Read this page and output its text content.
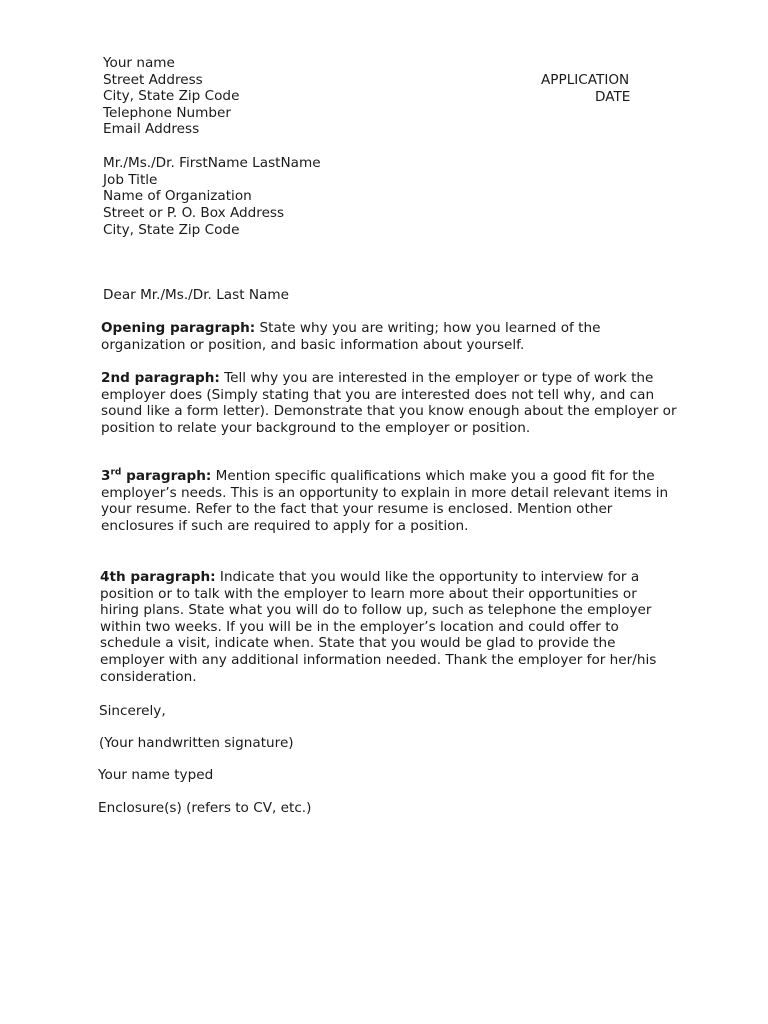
Your name
Street Address
City, State Zip Code
Telephone Number
Email Address
APPLICATION
DATE
Mr./Ms./Dr. FirstName LastName
Job Title
Name of Organization
Street or P. O. Box Address
City, State Zip Code
Dear Mr./Ms./Dr. Last Name

Opening paragraph: State why you are writing; how you learned of the organization or position, and basic information about yourself.

2nd paragraph: Tell why you are interested in the employer or type of work the employer does (Simply stating that you are interested does not tell why, and can sound like a form letter). Demonstrate that you know enough about the employer or position to relate your background to the employer or position.

3rd paragraph: Mention specific qualifications which make you a good fit for the employer’s needs. This is an opportunity to explain in more detail relevant items in your resume. Refer to the fact that your resume is enclosed. Mention other enclosures if such are required to apply for a position.

4th paragraph: Indicate that you would like the opportunity to interview for a position or to talk with the employer to learn more about their opportunities or hiring plans. State what you will do to follow up, such as telephone the employer within two weeks. If you will be in the employer’s location and could offer to schedule a visit, indicate when. State that you would be glad to provide the employer with any additional information needed. Thank the employer for her/his consideration.

Sincerely,
(Your handwritten signature)
Your name typed
Enclosure(s) (refers to CV, etc.)
